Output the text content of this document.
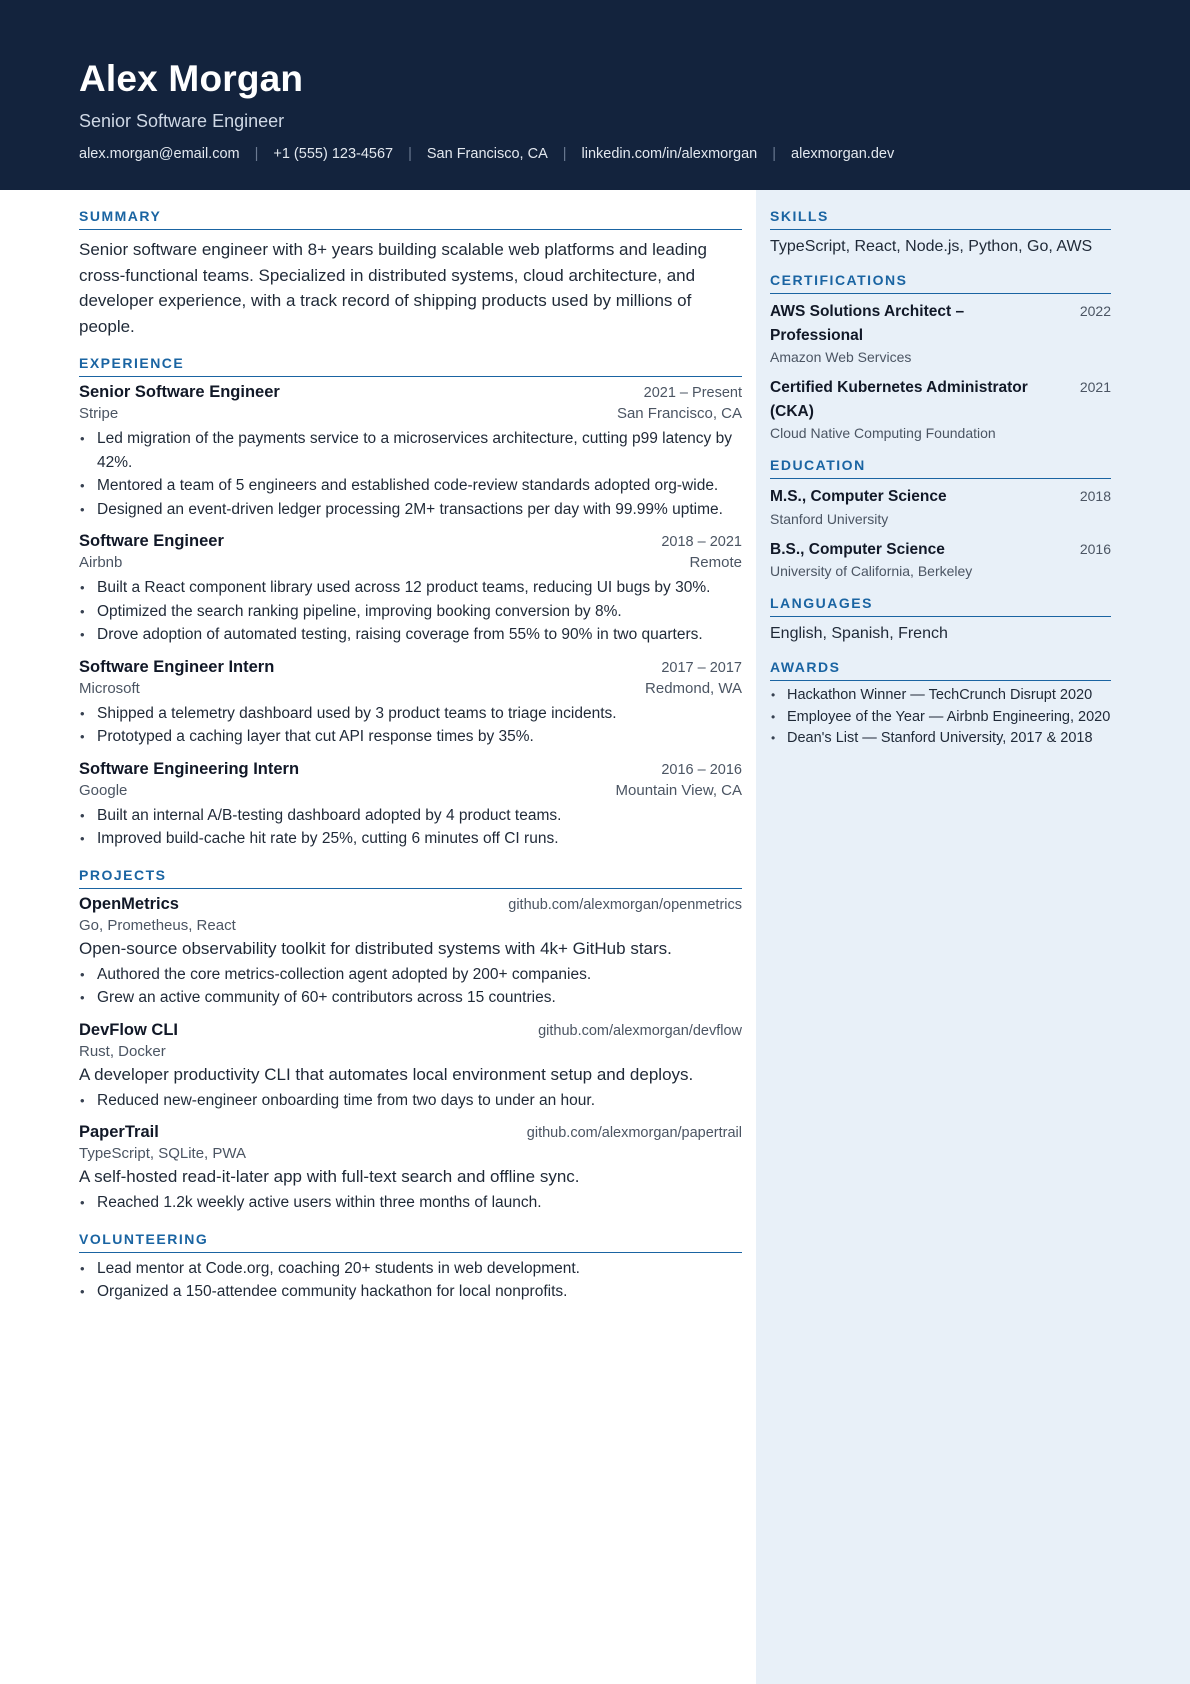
Alex Morgan
Senior Software Engineer
alex.morgan@email.com | +1 (555) 123-4567 | San Francisco, CA | linkedin.com/in/alexmorgan | alexmorgan.dev
SUMMARY
Senior software engineer with 8+ years building scalable web platforms and leading cross-functional teams. Specialized in distributed systems, cloud architecture, and developer experience, with a track record of shipping products used by millions of people.
EXPERIENCE
Senior Software Engineer	2021 – Present
Stripe	San Francisco, CA
• Led migration of the payments service to a microservices architecture, cutting p99 latency by 42%.
• Mentored a team of 5 engineers and established code-review standards adopted org-wide.
• Designed an event-driven ledger processing 2M+ transactions per day with 99.99% uptime.
Software Engineer	2018 – 2021
Airbnb	Remote
• Built a React component library used across 12 product teams, reducing UI bugs by 30%.
• Optimized the search ranking pipeline, improving booking conversion by 8%.
• Drove adoption of automated testing, raising coverage from 55% to 90% in two quarters.
Software Engineer Intern	2017 – 2017
Microsoft	Redmond, WA
• Shipped a telemetry dashboard used by 3 product teams to triage incidents.
• Prototyped a caching layer that cut API response times by 35%.
Software Engineering Intern	2016 – 2016
Google	Mountain View, CA
• Built an internal A/B-testing dashboard adopted by 4 product teams.
• Improved build-cache hit rate by 25%, cutting 6 minutes off CI runs.
PROJECTS
OpenMetrics	github.com/alexmorgan/openmetrics
Go, Prometheus, React
Open-source observability toolkit for distributed systems with 4k+ GitHub stars.
• Authored the core metrics-collection agent adopted by 200+ companies.
• Grew an active community of 60+ contributors across 15 countries.
DevFlow CLI	github.com/alexmorgan/devflow
Rust, Docker
A developer productivity CLI that automates local environment setup and deploys.
• Reduced new-engineer onboarding time from two days to under an hour.
PaperTrail	github.com/alexmorgan/papertrail
TypeScript, SQLite, PWA
A self-hosted read-it-later app with full-text search and offline sync.
• Reached 1.2k weekly active users within three months of launch.
VOLUNTEERING
• Lead mentor at Code.org, coaching 20+ students in web development.
• Organized a 150-attendee community hackathon for local nonprofits.
SKILLS
TypeScript, React, Node.js, Python, Go, AWS
CERTIFICATIONS
AWS Solutions Architect – Professional
2022
Amazon Web Services
Certified Kubernetes Administrator (CKA)
2021
Cloud Native Computing Foundation
EDUCATION
M.S., Computer Science	2018
Stanford University
B.S., Computer Science	2016
University of California, Berkeley
LANGUAGES
English, Spanish, French
AWARDS
• Hackathon Winner — TechCrunch Disrupt 2020
• Employee of the Year — Airbnb Engineering, 2020
• Dean's List — Stanford University, 2017 & 2018
